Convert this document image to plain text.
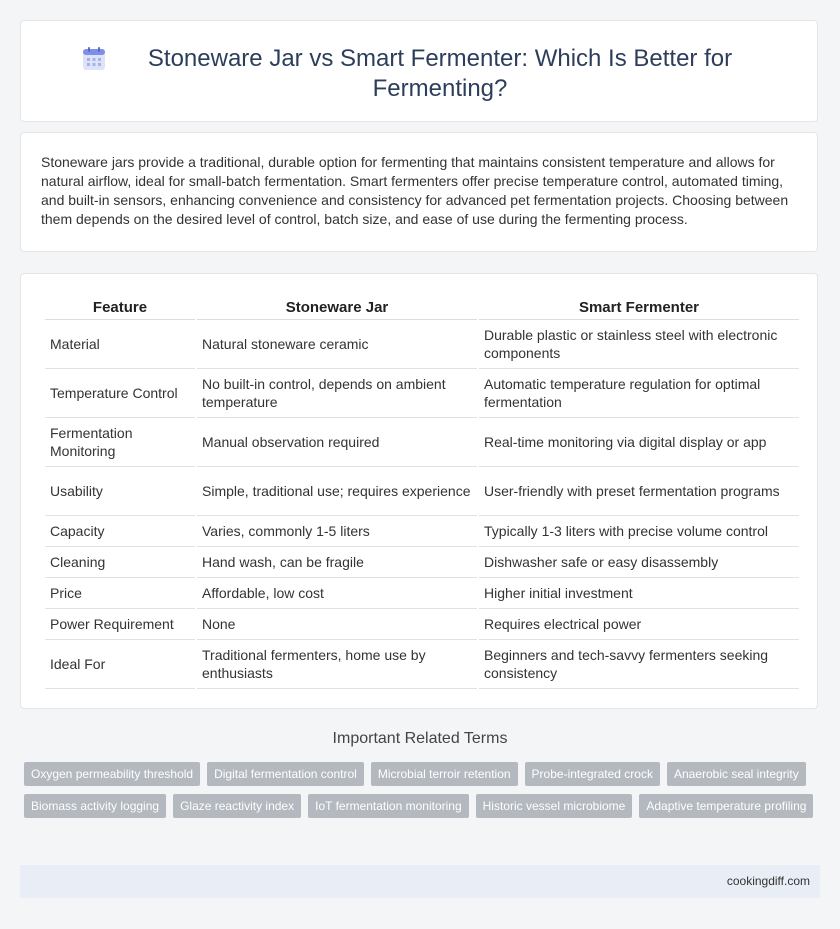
Stoneware Jar vs Smart Fermenter: Which Is Better for Fermenting?

Stoneware jars provide a traditional, durable option for fermenting that maintains consistent temperature and allows for natural airflow, ideal for small-batch fermentation. Smart fermenters offer precise temperature control, automated timing, and built-in sensors, enhancing convenience and consistency for advanced pet fermentation projects. Choosing between them depends on the desired level of control, batch size, and ease of use during the fermenting process.

Feature	Stoneware Jar	Smart Fermenter
Material	Natural stoneware ceramic	Durable plastic or stainless steel with electronic components
Temperature Control	No built-in control, depends on ambient temperature	Automatic temperature regulation for optimal fermentation
Fermentation Monitoring	Manual observation required	Real-time monitoring via digital display or app
Usability	Simple, traditional use; requires experience	User-friendly with preset fermentation programs
Capacity	Varies, commonly 1-5 liters	Typically 1-3 liters with precise volume control
Cleaning	Hand wash, can be fragile	Dishwasher safe or easy disassembly
Price	Affordable, low cost	Higher initial investment
Power Requirement	None	Requires electrical power
Ideal For	Traditional fermenters, home use by enthusiasts	Beginners and tech-savvy fermenters seeking consistency
Important Related Terms
Oxygen permeability threshold	Digital fermentation control	Microbial terroir retention	Probe-integrated crock	Anaerobic seal integrity
Biomass activity logging	Glaze reactivity index	IoT fermentation monitoring	Historic vessel microbiome	Adaptive temperature profiling
cookingdiff.com
